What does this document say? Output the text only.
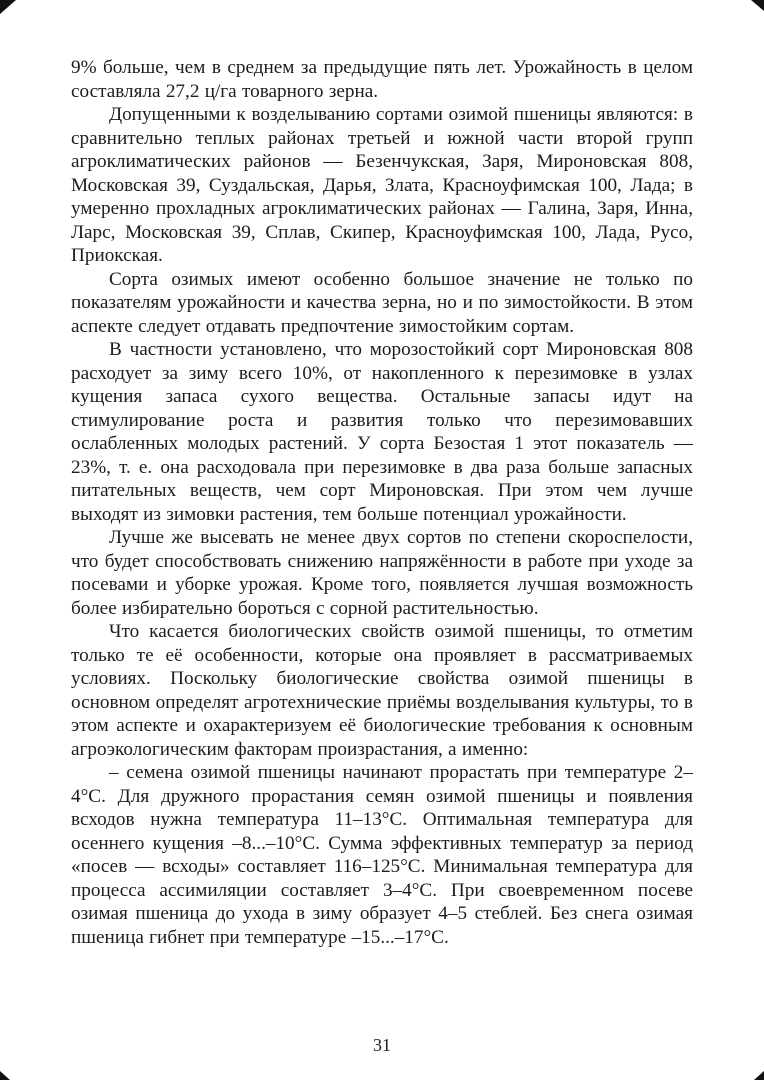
9% больше, чем в среднем за предыдущие пять лет. Урожайность в целом составляла 27,2 ц/га товарного зерна.

Допущенными к возделыванию сортами озимой пшеницы являются: в сравнительно теплых районах третьей и южной части второй групп агроклиматических районов — Безенчукская, Заря, Мироновская 808, Московская 39, Суздальская, Дарья, Злата, Красноуфимская 100, Лада; в умеренно прохладных агроклиматических районах — Галина, Заря, Инна, Ларс, Московская 39, Сплав, Скипер, Красноуфимская 100, Лада, Русо, Приокская.

Сорта озимых имеют особенно большое значение не только по показателям урожайности и качества зерна, но и по зимостойкости. В этом аспекте следует отдавать предпочтение зимостойким сортам.

В частности установлено, что морозостойкий сорт Мироновская 808 расходует за зиму всего 10%, от накопленного к перезимовке в узлах кущения запаса сухого вещества. Остальные запасы идут на стимулирование роста и развития только что перезимовавших ослабленных молодых растений. У сорта Безостая 1 этот показатель — 23%, т. е. она расходовала при перезимовке в два раза больше запасных питательных веществ, чем сорт Мироновская. При этом чем лучше выходят из зимовки растения, тем больше потенциал урожайности.

Лучше же высевать не менее двух сортов по степени скороспелости, что будет способствовать снижению напряжённости в работе при уходе за посевами и уборке урожая. Кроме того, появляется лучшая возможность более избирательно бороться с сорной растительностью.

Что касается биологических свойств озимой пшеницы, то отметим только те её особенности, которые она проявляет в рассматриваемых условиях. Поскольку биологические свойства озимой пшеницы в основном определят агротехнические приёмы возделывания культуры, то в этом аспекте и охарактеризуем её биологические требования к основным агроэкологическим факторам произрастания, а именно:

– семена озимой пшеницы начинают прорастать при температуре 2–4°С. Для дружного прорастания семян озимой пшеницы и появления всходов нужна температура 11–13°С. Оптимальная температура для осеннего кущения –8...–10°С. Сумма эффективных температур за период «посев — всходы» составляет 116–125°С. Минимальная температура для процесса ассимиляции составляет 3–4°С. При своевременном посеве озимая пшеница до ухода в зиму образует 4–5 стеблей. Без снега озимая пшеница гибнет при температуре –15...–17°С.

31
